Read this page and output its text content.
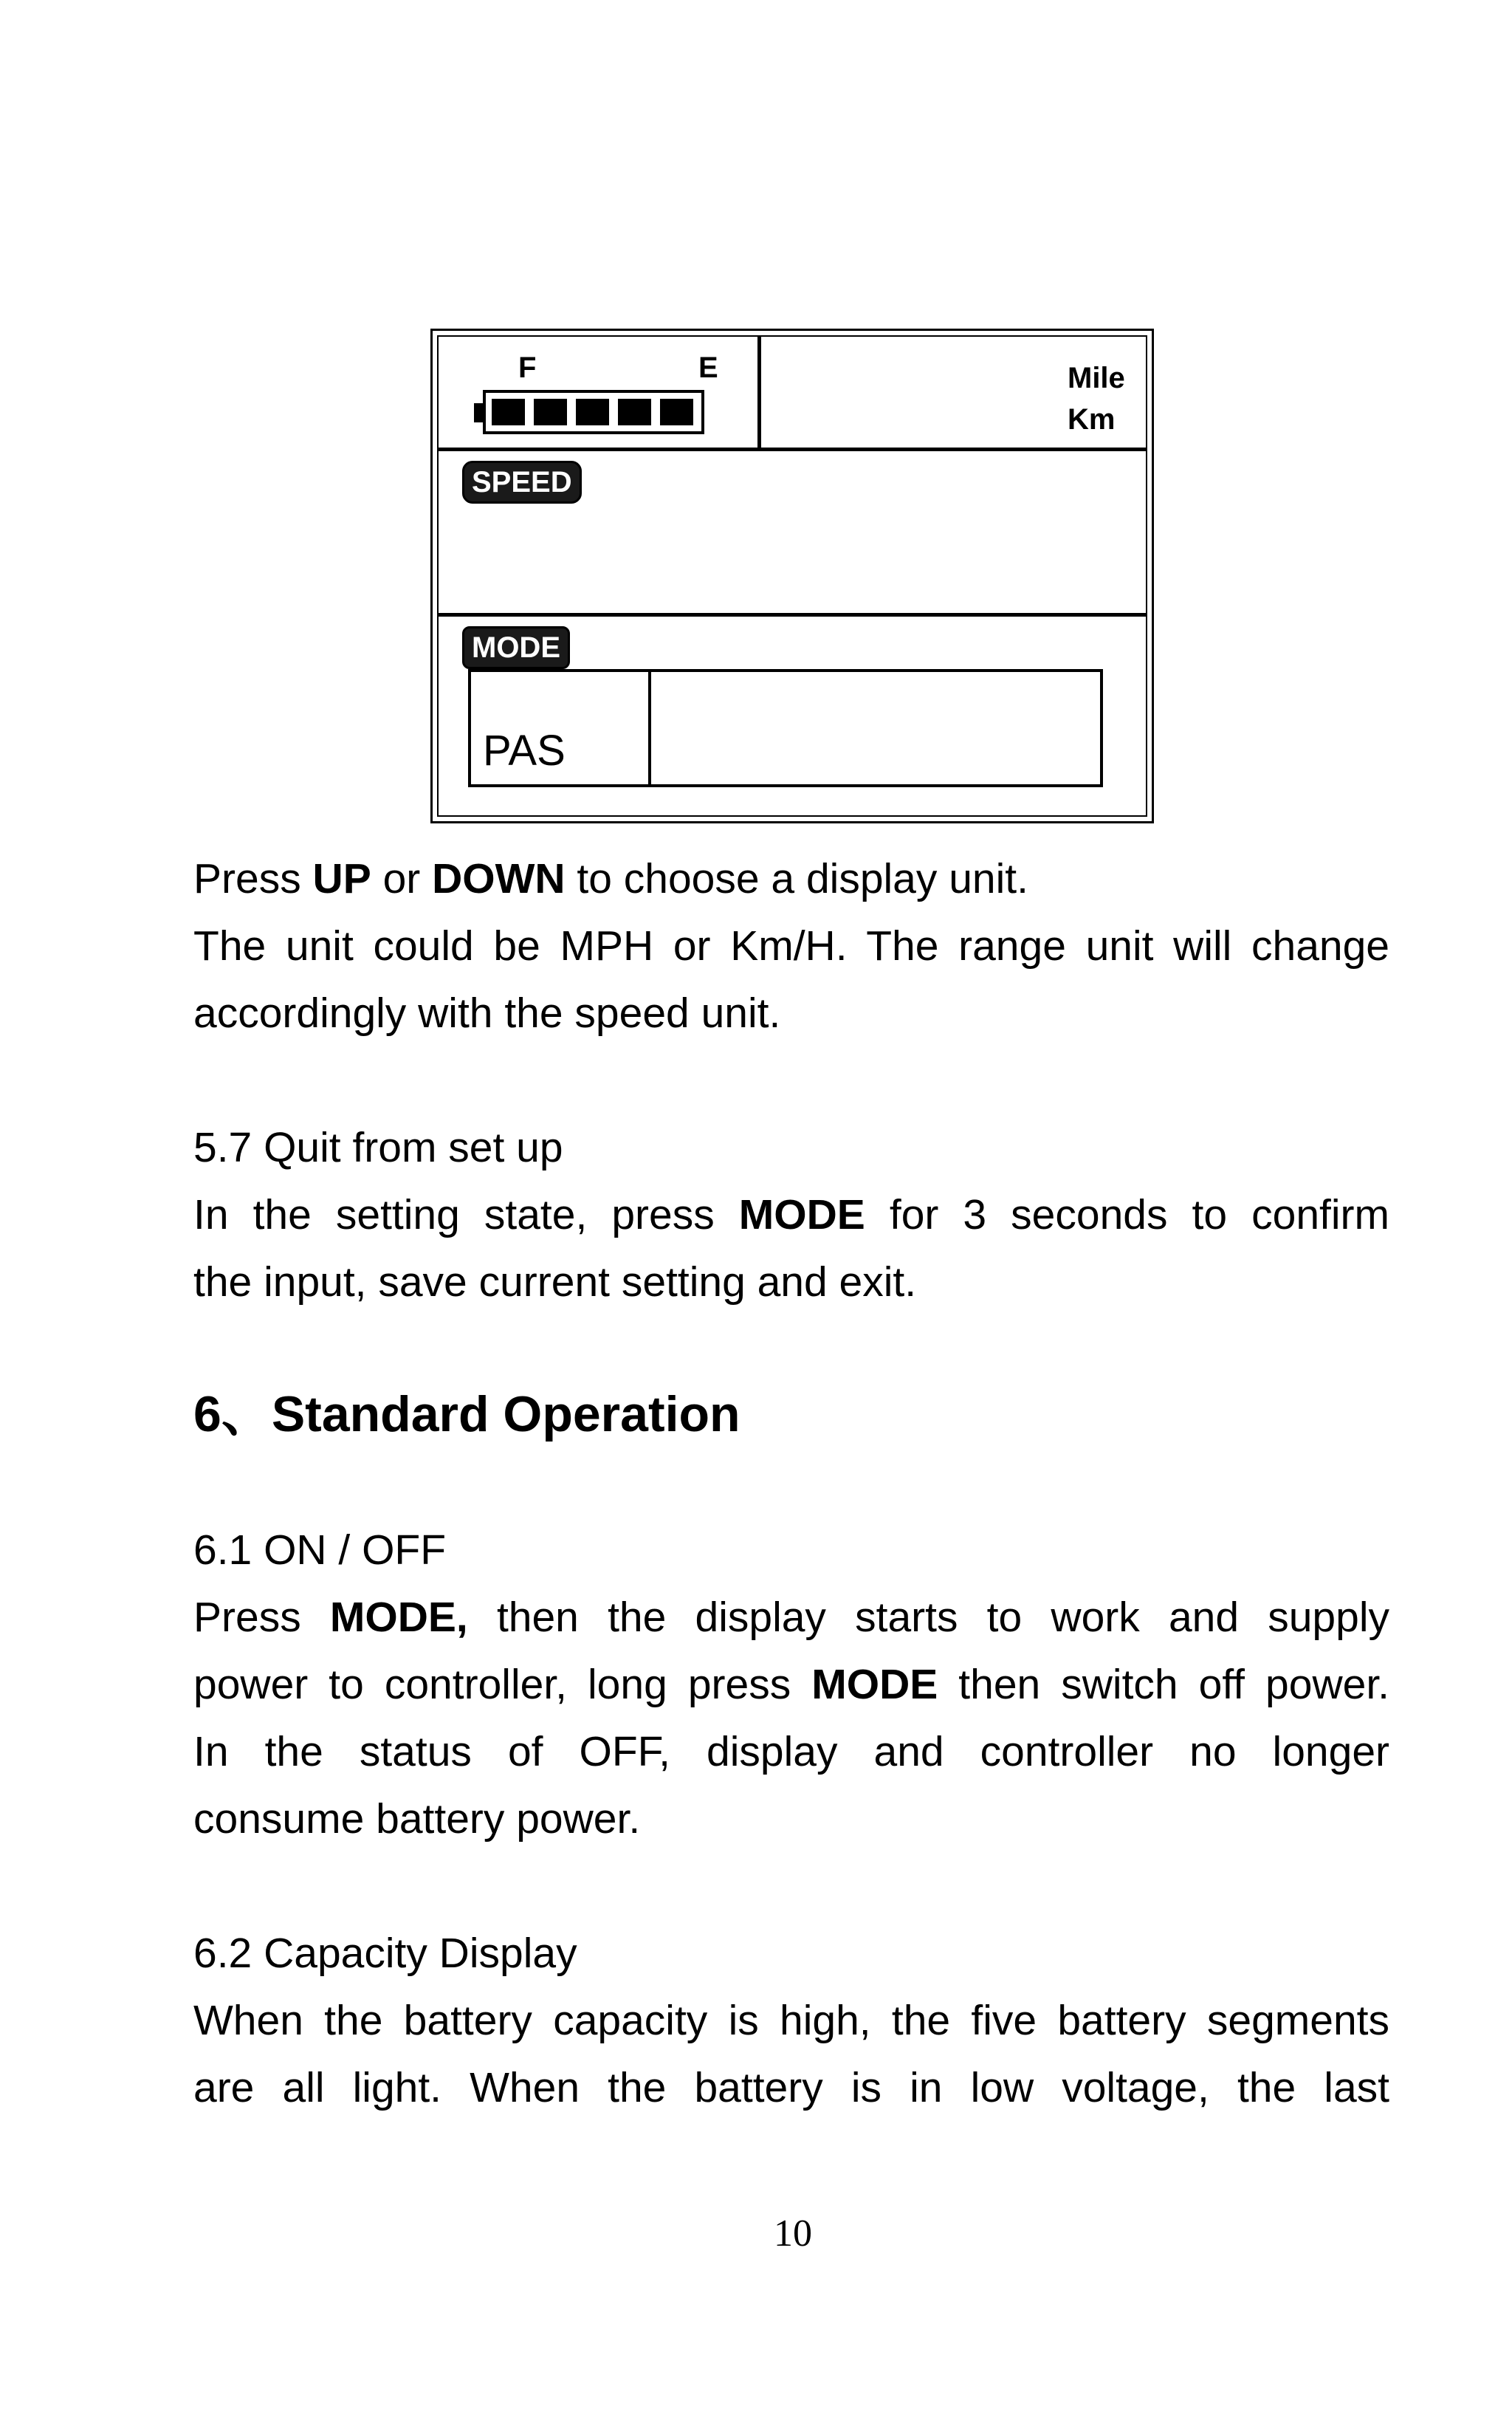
F	E	Mile
Km
SPEED
MODE
PAS

Press UP or DOWN to choose a display unit.

The unit could be MPH or Km/H. The range unit will change

accordingly with the speed unit.

5.7 Quit from set up

In the setting state, press MODE for 3 seconds to confirm

the input, save current setting and exit.

6、Standard Operation

6.1 ON / OFF

Press MODE, then the display starts to work and supply

power to controller, long press MODE then switch off power.

In the status of OFF, display and controller no longer

consume battery power.

6.2 Capacity Display

When the battery capacity is high, the five battery segments

are all light. When the battery is in low voltage, the last

10
